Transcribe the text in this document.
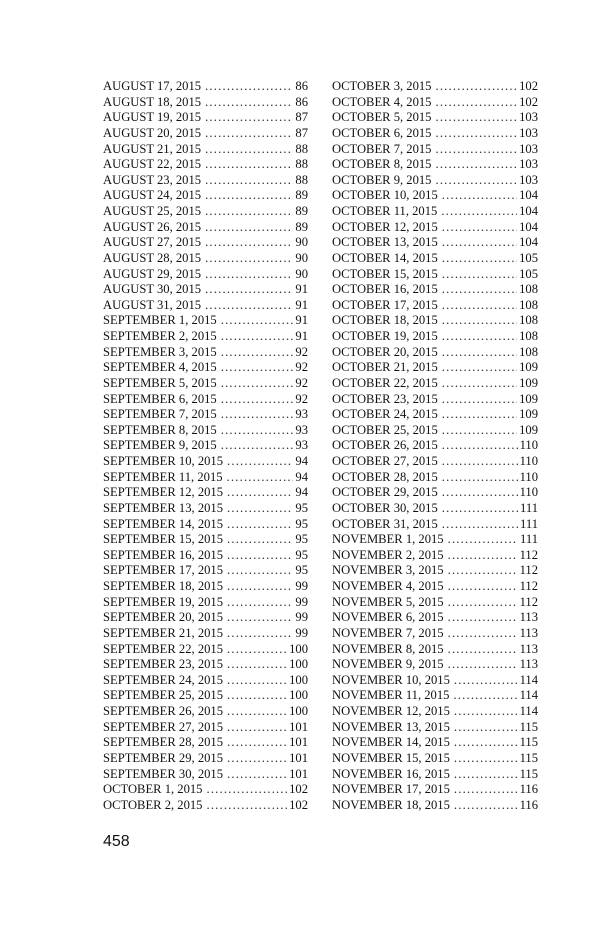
AUGUST 17, 2015 .....	86
AUGUST 18, 2015 .....	86
AUGUST 19, 2015 .....	87
AUGUST 20, 2015 .....	87
AUGUST 21, 2015 .....	88
AUGUST 22, 2015 .....	88
AUGUST 23, 2015 .....	88
AUGUST 24, 2015 .....	89
AUGUST 25, 2015 .....	89
AUGUST 26, 2015 .....	89
AUGUST 27, 2015 .....	90
AUGUST 28, 2015 .....	90
AUGUST 29, 2015 .....	90
AUGUST 30, 2015 .....	91
AUGUST 31, 2015 .....	91
SEPTEMBER 1, 2015 .....	91
SEPTEMBER 2, 2015 .....	91
SEPTEMBER 3, 2015 .....	92
SEPTEMBER 4, 2015 .....	92
SEPTEMBER 5, 2015 .....	92
SEPTEMBER 6, 2015 .....	92
SEPTEMBER 7, 2015 .....	93
SEPTEMBER 8, 2015 .....	93
SEPTEMBER 9, 2015 .....	93
SEPTEMBER 10, 2015 .....	94
SEPTEMBER 11, 2015 .....	94
SEPTEMBER 12, 2015 .....	94
SEPTEMBER 13, 2015 .....	95
SEPTEMBER 14, 2015 .....	95
SEPTEMBER 15, 2015 .....	95
SEPTEMBER 16, 2015 .....	95
SEPTEMBER 17, 2015 .....	95
SEPTEMBER 18, 2015 .....	99
SEPTEMBER 19, 2015 .....	99
SEPTEMBER 20, 2015 .....	99
SEPTEMBER 21, 2015 .....	99
SEPTEMBER 22, 2015 .....	100
SEPTEMBER 23, 2015 .....	100
SEPTEMBER 24, 2015 .....	100
SEPTEMBER 25, 2015 .....	100
SEPTEMBER 26, 2015 .....	100
SEPTEMBER 27, 2015 .....	101
SEPTEMBER 28, 2015 .....	101
SEPTEMBER 29, 2015 .....	101
SEPTEMBER 30, 2015 .....	101
OCTOBER 1, 2015 .....	102
OCTOBER 2, 2015 .....	102
OCTOBER 3, 2015 .....	102
OCTOBER 4, 2015 .....	102
OCTOBER 5, 2015 .....	103
OCTOBER 6, 2015 .....	103
OCTOBER 7, 2015 .....	103
OCTOBER 8, 2015 .....	103
OCTOBER 9, 2015 .....	103
OCTOBER 10, 2015 .....	104
OCTOBER 11, 2015 .....	104
OCTOBER 12, 2015 .....	104
OCTOBER 13, 2015 .....	104
OCTOBER 14, 2015 .....	105
OCTOBER 15, 2015 .....	105
OCTOBER 16, 2015 .....	108
OCTOBER 17, 2015 .....	108
OCTOBER 18, 2015 .....	108
OCTOBER 19, 2015 .....	108
OCTOBER 20, 2015 .....	108
OCTOBER 21, 2015 .....	109
OCTOBER 22, 2015 .....	109
OCTOBER 23, 2015 .....	109
OCTOBER 24, 2015 .....	109
OCTOBER 25, 2015 .....	109
OCTOBER 26, 2015 .....	110
OCTOBER 27, 2015 .....	110
OCTOBER 28, 2015 .....	110
OCTOBER 29, 2015 .....	110
OCTOBER 30, 2015 .....	111
OCTOBER 31, 2015 .....	111
NOVEMBER 1, 2015 .....	111
NOVEMBER 2, 2015 .....	112
NOVEMBER 3, 2015 .....	112
NOVEMBER 4, 2015 .....	112
NOVEMBER 5, 2015 .....	112
NOVEMBER 6, 2015 .....	113
NOVEMBER 7, 2015 .....	113
NOVEMBER 8, 2015 .....	113
NOVEMBER 9, 2015 .....	113
NOVEMBER 10, 2015 .....	114
NOVEMBER 11, 2015 .....	114
NOVEMBER 12, 2015 .....	114
NOVEMBER 13, 2015 .....	115
NOVEMBER 14, 2015 .....	115
NOVEMBER 15, 2015 .....	115
NOVEMBER 16, 2015 .....	115
NOVEMBER 17, 2015 .....	116
NOVEMBER 18, 2015 .....	116
458
